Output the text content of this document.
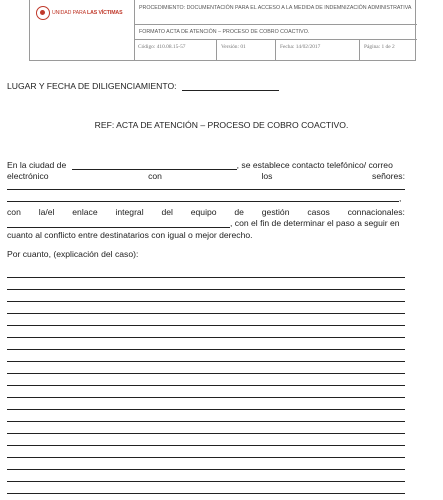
UNIDAD PARA LAS VÍCTIMAS
PROCEDIMIENTO: DOCUMENTACIÓN PARA EL ACCESO A LA MEDIDA DE INDEMNIZACIÓN ADMINISTRATIVA
FORMATO ACTA DE ATENCIÓN – PROCESO DE COBRO COACTIVO.
Código: 410.08.15-57	Versión: 01	Fecha: 14/02/2017	Página: 1 de 2
LUGAR Y FECHA DE DILIGENCIAMIENTO:
REF: ACTA DE ATENCIÓN – PROCESO DE COBRO COACTIVO.
En la ciudad de	, se establece contacto telefónico/ correo
electrónico	con	los	señores:
,
con la/el enlace integral del equipo de gestión casos connacionales:
, con el fin de determinar el paso a seguir en
cuanto al conflicto entre destinatarios con igual o mejor derecho.
Por cuanto, (explicación del caso):
